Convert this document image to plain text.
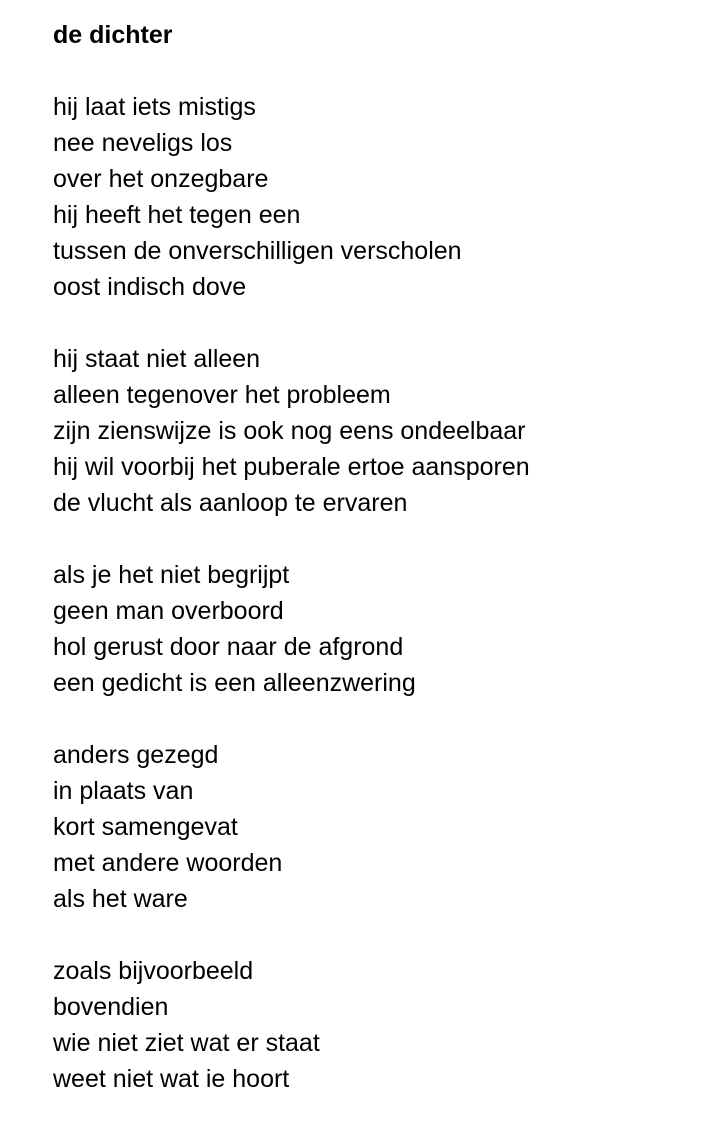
de dichter
hij laat iets mistigs
nee neveligs los
over het onzegbare
hij heeft het tegen een
tussen de onverschilligen verscholen
oost indisch dove
hij staat niet alleen
alleen tegenover het probleem
zijn zienswijze is ook nog eens ondeelbaar
hij wil voorbij het puberale ertoe aansporen
de vlucht als aanloop te ervaren
als je het niet begrijpt
geen man overboord
hol gerust door naar de afgrond
een gedicht is een alleenzwering
anders gezegd
in plaats van
kort samengevat
met andere woorden
als het ware
zoals bijvoorbeeld
bovendien
wie niet ziet wat er staat
weet niet wat ie hoort
